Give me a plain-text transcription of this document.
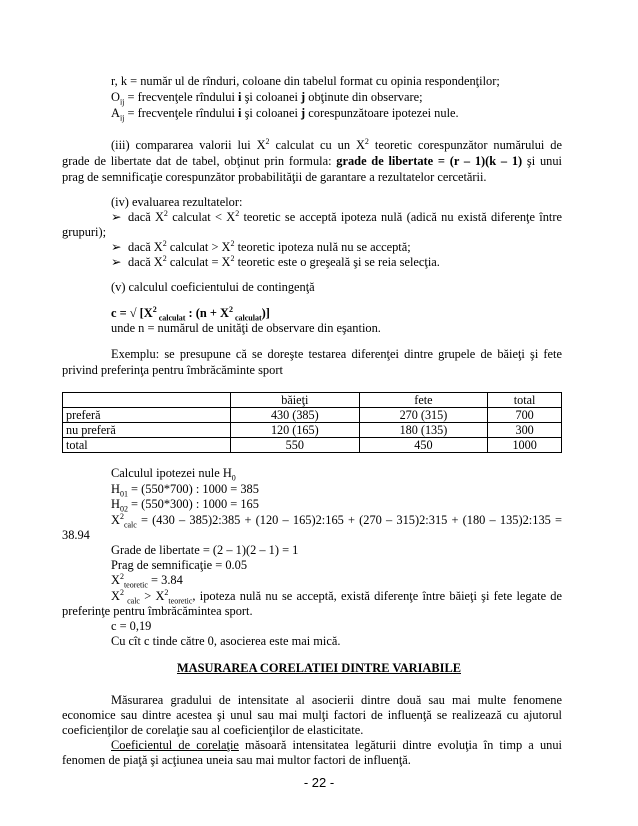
r, k = număr ul de rînduri, coloane din tabelul format cu opinia respondenţilor;
$O_{ij}$ = frecvenţele rîndului i şi coloanei j obţinute din observare;
$A_{ij}$ = frecvenţele rîndului i şi coloanei j corespunzătoare ipotezei nule.
(iii) compararea valorii lui $X^2$ calculat cu un $X^2$ teoretic corespunzător numărului de
grade de libertate dat de tabel, obţinut prin formula: grade de libertate = (r – 1)(k – 1) şi unui
prag de semnificaţie corespunzător probabilităţii de garantare a rezultatelor cercetării.
(iv) evaluarea rezultatelor:
➢ dacă $X^2$ calculat < $X^2$ teoretic se acceptă ipoteza nulă (adică nu există diferenţe între
grupuri);
➢ dacă $X^2$ calculat > $X^2$ teoretic ipoteza nulă nu se acceptă;
➢ dacă $X^2$ calculat = $X^2$ teoretic este o greşeală şi se reia selecţia.
(v) calculul coeficientului de contingenţă
c = √ [$X^2$ $_{calculat}$ : ($n + X^2$ $_{calculat}$)]
unde n = numărul de unităţi de observare din eşantion.
Exemplu: se presupune că se doreşte testarea diferenţei dintre grupele de băieţi şi fete
privind preferinţa pentru îmbrăcăminte sport
	băieţi	fete	total
preferă	430 (385)	270 (315)	700
nu preferă	120 (165)	180 (135)	300
total	550	450	1000
Calculul ipotezei nule $H_0$
$H_{01} = (550*700)$ : 1000 = 385
$H_{02} = (550*300)$ : 1000 = 165
$X^2_{calc} = (430$ – 385)2:385 + (120 – 165)2:165 + (270 – 315)2:315 + (180 – 135)2:135 =
38.94
Grade de libertate = (2 – 1)(2 – 1) = 1
Prag de semnificaţie = 0.05
$X^2_{teoretic} = 3.84$
$X^2$ $_{calc} > X^2_{teoretic}$, ipoteza nulă nu se acceptă, există diferenţe între băieţi şi fete legate de
preferinţe pentru îmbrăcămintea sport.
c = 0,19
Cu cît c tinde către 0, asocierea este mai mică.
MASURAREA CORELATIEI DINTRE VARIABILE
Măsurarea gradului de intensitate al asocierii dintre două sau mai multe fenomene
economice sau dintre acestea şi unul sau mai mulţi factori de influenţă se realizează cu ajutorul
coeficienţilor de corelaţie sau al coeficienţilor de elasticitate.
Coeficientul de corelaţie măsoară intensitatea legăturii dintre evoluţia în timp a unui
fenomen de piaţă şi acţiunea uneia sau mai multor factori de influenţă.
- 22 -
